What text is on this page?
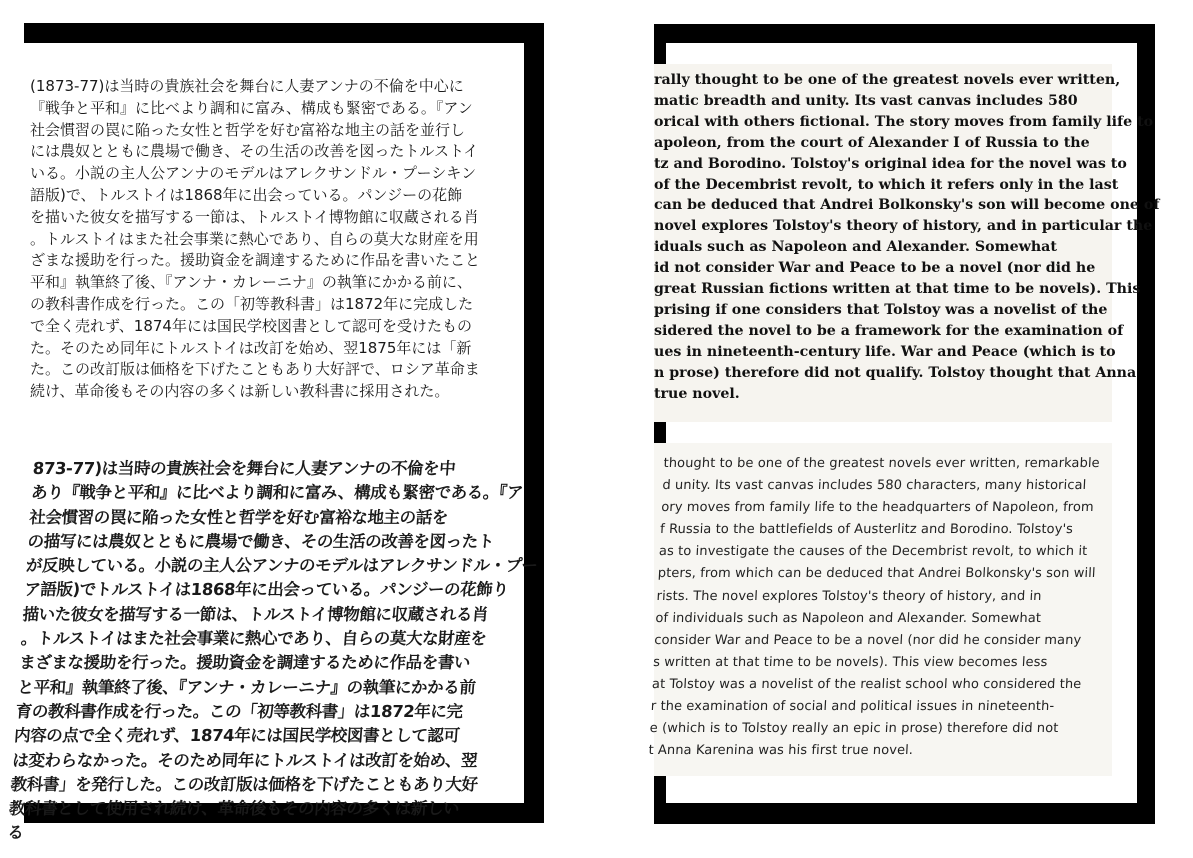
(1873-77)は当時の貴族社会を舞台に人妻アンナの不倫を中心に
『戦争と平和』に比べより調和に富み、構成も緊密である。『アン
社会慣習の罠に陥った女性と哲学を好む富裕な地主の話を並行し
には農奴とともに農場で働き、その生活の改善を図ったトルストイ
いる。小説の主人公アンナのモデルはアレクサンドル・プーシキン
語版)で、トルストイは1868年に出会っている。パンジーの花飾
を描いた彼女を描写する一節は、トルストイ博物館に収蔵される肖
。トルストイはまた社会事業に熱心であり、自らの莫大な財産を用
ざまな援助を行った。援助資金を調達するために作品を書いたこと
平和』執筆終了後、『アンナ・カレーニナ』の執筆にかかる前に、
の教科書作成を行った。この「初等教科書」は1872年に完成した
で全く売れず、1874年には国民学校図書として認可を受けたもの
た。そのため同年にトルストイは改訂を始め、翌1875年には「新
た。この改訂版は価格を下げたこともあり大好評で、ロシア革命ま
続け、革命後もその内容の多くは新しい教科書に採用された。
873-77)は当時の貴族社会を舞台に人妻アンナの不倫を中
あり『戦争と平和』に比べより調和に富み、構成も緊密である。『ア
社会慣習の罠に陥った女性と哲学を好む富裕な地主の話を
の描写には農奴とともに農場で働き、その生活の改善を図ったト
が反映している。小説の主人公アンナのモデルはアレクサンドル・プー
ア語版)でトルストイは1868年に出会っている。パンジーの花飾り
描いた彼女を描写する一節は、トルストイ博物館に収蔵される肖
。トルストイはまた社会事業に熱心であり、自らの莫大な財産を
まざまな援助を行った。援助資金を調達するために作品を書い
と平和』執筆終了後、『アンナ・カレーニナ』の執筆にかかる前
育の教科書作成を行った。この「初等教科書」は1872年に完
内容の点で全く売れず、1874年には国民学校図書として認可
は変わらなかった。そのため同年にトルストイは改訂を始め、翌
教科書」を発行した。この改訂版は価格を下げたこともあり大好
教科書として使用され続け、革命後もその内容の多くは新しい
る
rally thought to be one of the greatest novels ever written,
matic breadth and unity. Its vast canvas includes 580
orical with others fictional. The story moves from family life to
apoleon, from the court of Alexander I of Russia to the
tz and Borodino. Tolstoy's original idea for the novel was to
of the Decembrist revolt, to which it refers only in the last
can be deduced that Andrei Bolkonsky's son will become one of
novel explores Tolstoy's theory of history, and in particular the
iduals such as Napoleon and Alexander. Somewhat
id not consider War and Peace to be a novel (nor did he
great Russian fictions written at that time to be novels). This
prising if one considers that Tolstoy was a novelist of the
sidered the novel to be a framework for the examination of
ues in nineteenth-century life. War and Peace (which is to
n prose) therefore did not qualify. Tolstoy thought that Anna
true novel.
thought to be one of the greatest novels ever written, remarkable
d unity. Its vast canvas includes 580 characters, many historical
ory moves from family life to the headquarters of Napoleon, from
f Russia to the battlefields of Austerlitz and Borodino. Tolstoy's
as to investigate the causes of the Decembrist revolt, to which it
pters, from which can be deduced that Andrei Bolkonsky's son will
rists. The novel explores Tolstoy's theory of history, and in
of individuals such as Napoleon and Alexander. Somewhat
consider War and Peace to be a novel (nor did he consider many
s written at that time to be novels). This view becomes less
at Tolstoy was a novelist of the realist school who considered the
r the examination of social and political issues in nineteenth-
e (which is to Tolstoy really an epic in prose) therefore did not
t Anna Karenina was his first true novel.
